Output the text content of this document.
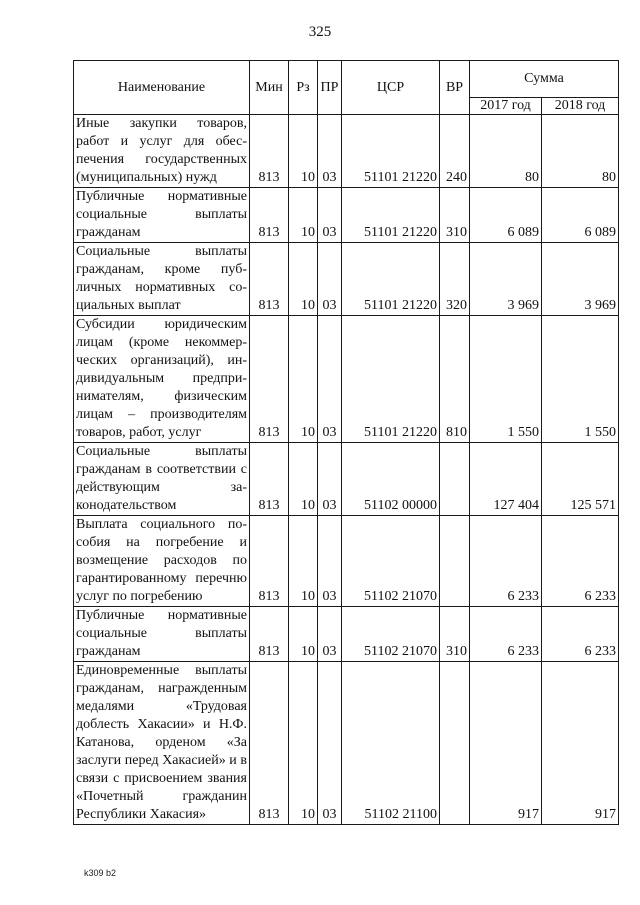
325
Наименование	Мин	Рз	ПР	ЦСР	ВР	Сумма	
						2017 год	2018 год
Иные закупки товаров, работ и услуг для обеспечения государственных (муниципальных) нужд	813	10	03	51101 21220	240	80	80
Публичные нормативные социальные выплаты гражданам	813	10	03	51101 21220	310	6 089	6 089
Социальные выплаты гражданам, кроме публичных нормативных социальных выплат	813	10	03	51101 21220	320	3 969	3 969
Субсидии юридическим лицам (кроме некоммерческих организаций), индивидуальным предпринимателям, физическим лицам – производителям товаров, работ, услуг	813	10	03	51101 21220	810	1 550	1 550
Социальные выплаты гражданам в соответствии с действующим законодательством	813	10	03	51102 00000		127 404	125 571
Выплата социального пособия на погребение и возмещение расходов по гарантированному перечню услуг по погребению	813	10	03	51102 21070		6 233	6 233
Публичные нормативные социальные выплаты гражданам	813	10	03	51102 21070	310	6 233	6 233
Единовременные выплаты гражданам, награжденным медалями «Трудовая доблесть Хакасии» и Н.Ф. Катанова, орденом «За заслуги перед Хакасией» и в связи с присвоением звания «Почетный гражданин Республики Хакасия»	813	10	03	51102 21100		917	917
k309 b2
